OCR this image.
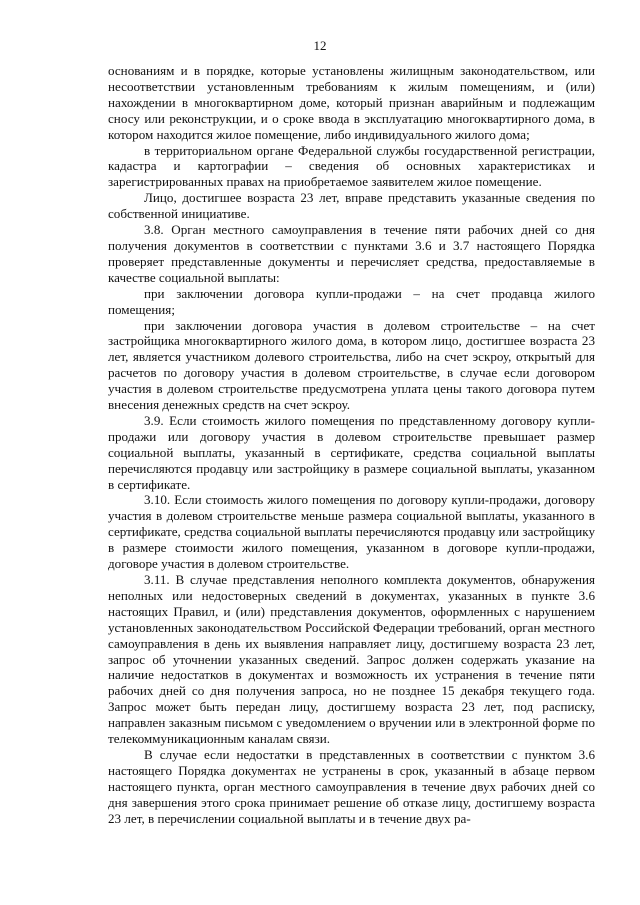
12

основаниям и в порядке, которые установлены жилищным законодательством, или несоответствии установленным требованиям к жилым помещениям, и (или) нахождении в многоквартирном доме, который признан аварийным и подлежащим сносу или реконструкции, и о сроке ввода в эксплуатацию многоквартирного дома, в котором находится жилое помещение, либо индивидуального жилого дома;

в территориальном органе Федеральной службы государственной регистрации, кадастра и картографии – сведения об основных характеристиках и зарегистрированных правах на приобретаемое заявителем жилое помещение.

Лицо, достигшее возраста 23 лет, вправе представить указанные сведения по собственной инициативе.

3.8. Орган местного самоуправления в течение пяти рабочих дней со дня получения документов в соответствии с пунктами 3.6 и 3.7 настоящего Порядка проверяет представленные документы и перечисляет средства, предоставляемые в качестве социальной выплаты:

при заключении договора купли-продажи – на счет продавца жилого помещения;

при заключении договора участия в долевом строительстве – на счет застройщика многоквартирного жилого дома, в котором лицо, достигшее возраста 23 лет, является участником долевого строительства, либо на счет эскроу, открытый для расчетов по договору участия в долевом строительстве, в случае если договором участия в долевом строительстве предусмотрена уплата цены такого договора путем внесения денежных средств на счет эскроу.

3.9. Если стоимость жилого помещения по представленному договору купли-продажи или договору участия в долевом строительстве превышает размер социальной выплаты, указанный в сертификате, средства социальной выплаты перечисляются продавцу или застройщику в размере социальной выплаты, указанном в сертификате.

3.10. Если стоимость жилого помещения по договору купли-продажи, договору участия в долевом строительстве меньше размера социальной выплаты, указанного в сертификате, средства социальной выплаты перечисляются продавцу или застройщику в размере стоимости жилого помещения, указанном в договоре купли-продажи, договоре участия в долевом строительстве.

3.11. В случае представления неполного комплекта документов, обнаружения неполных или недостоверных сведений в документах, указанных в пункте 3.6 настоящих Правил, и (или) представления документов, оформленных с нарушением установленных законодательством Российской Федерации требований, орган местного самоуправления в день их выявления направляет лицу, достигшему возраста 23 лет, запрос об уточнении указанных сведений. Запрос должен содержать указание на наличие недостатков в документах и возможность их устранения в течение пяти рабочих дней со дня получения запроса, но не позднее 15 декабря текущего года. Запрос может быть передан лицу, достигшему возраста 23 лет, под расписку, направлен заказным письмом с уведомлением о вручении или в электронной форме по телекоммуникационным каналам связи.

В случае если недостатки в представленных в соответствии с пунктом 3.6 настоящего Порядка документах не устранены в срок, указанный в абзаце первом настоящего пункта, орган местного самоуправления в течение двух рабочих дней со дня завершения этого срока принимает решение об отказе лицу, достигшему возраста 23 лет, в перечислении социальной выплаты и в течение двух ра-
